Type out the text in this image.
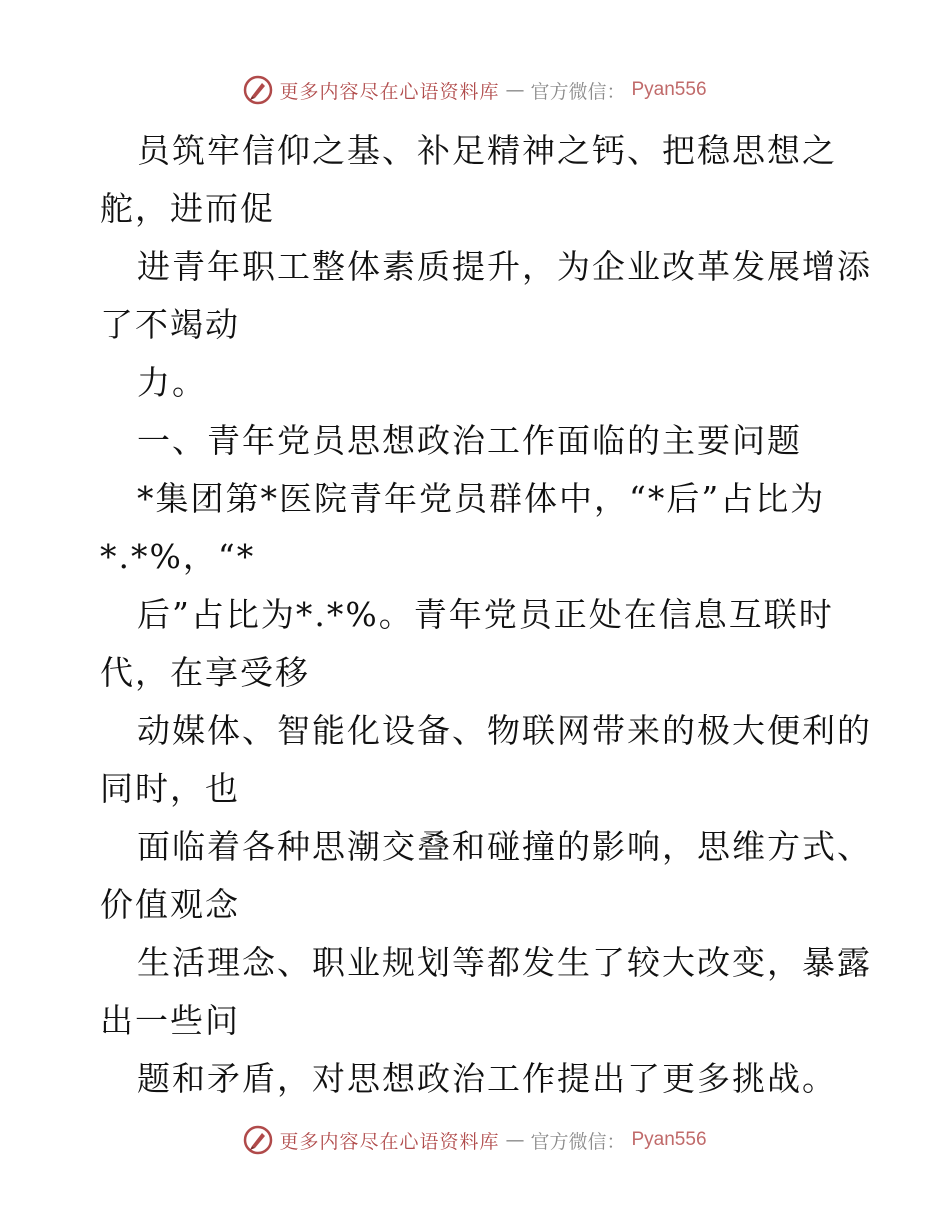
更多内容尽在心语资料库 — 官方微信： Pyan556

员筑牢信仰之基、补足精神之钙、把稳思想之

舵，进而促

进青年职工整体素质提升，为企业改革发展增添

了不竭动

力。

一、青年党员思想政治工作面临的主要问题

*集团第*医院青年党员群体中，“*后”占比为

*.*%，“*

后”占比为*.*%。青年党员正处在信息互联时

代，在享受移

动媒体、智能化设备、物联网带来的极大便利的

同时，也

面临着各种思潮交叠和碰撞的影响，思维方式、

价值观念

生活理念、职业规划等都发生了较大改变，暴露

出一些问

题和矛盾，对思想政治工作提出了更多挑战。

更多内容尽在心语资料库 — 官方微信： Pyan556
